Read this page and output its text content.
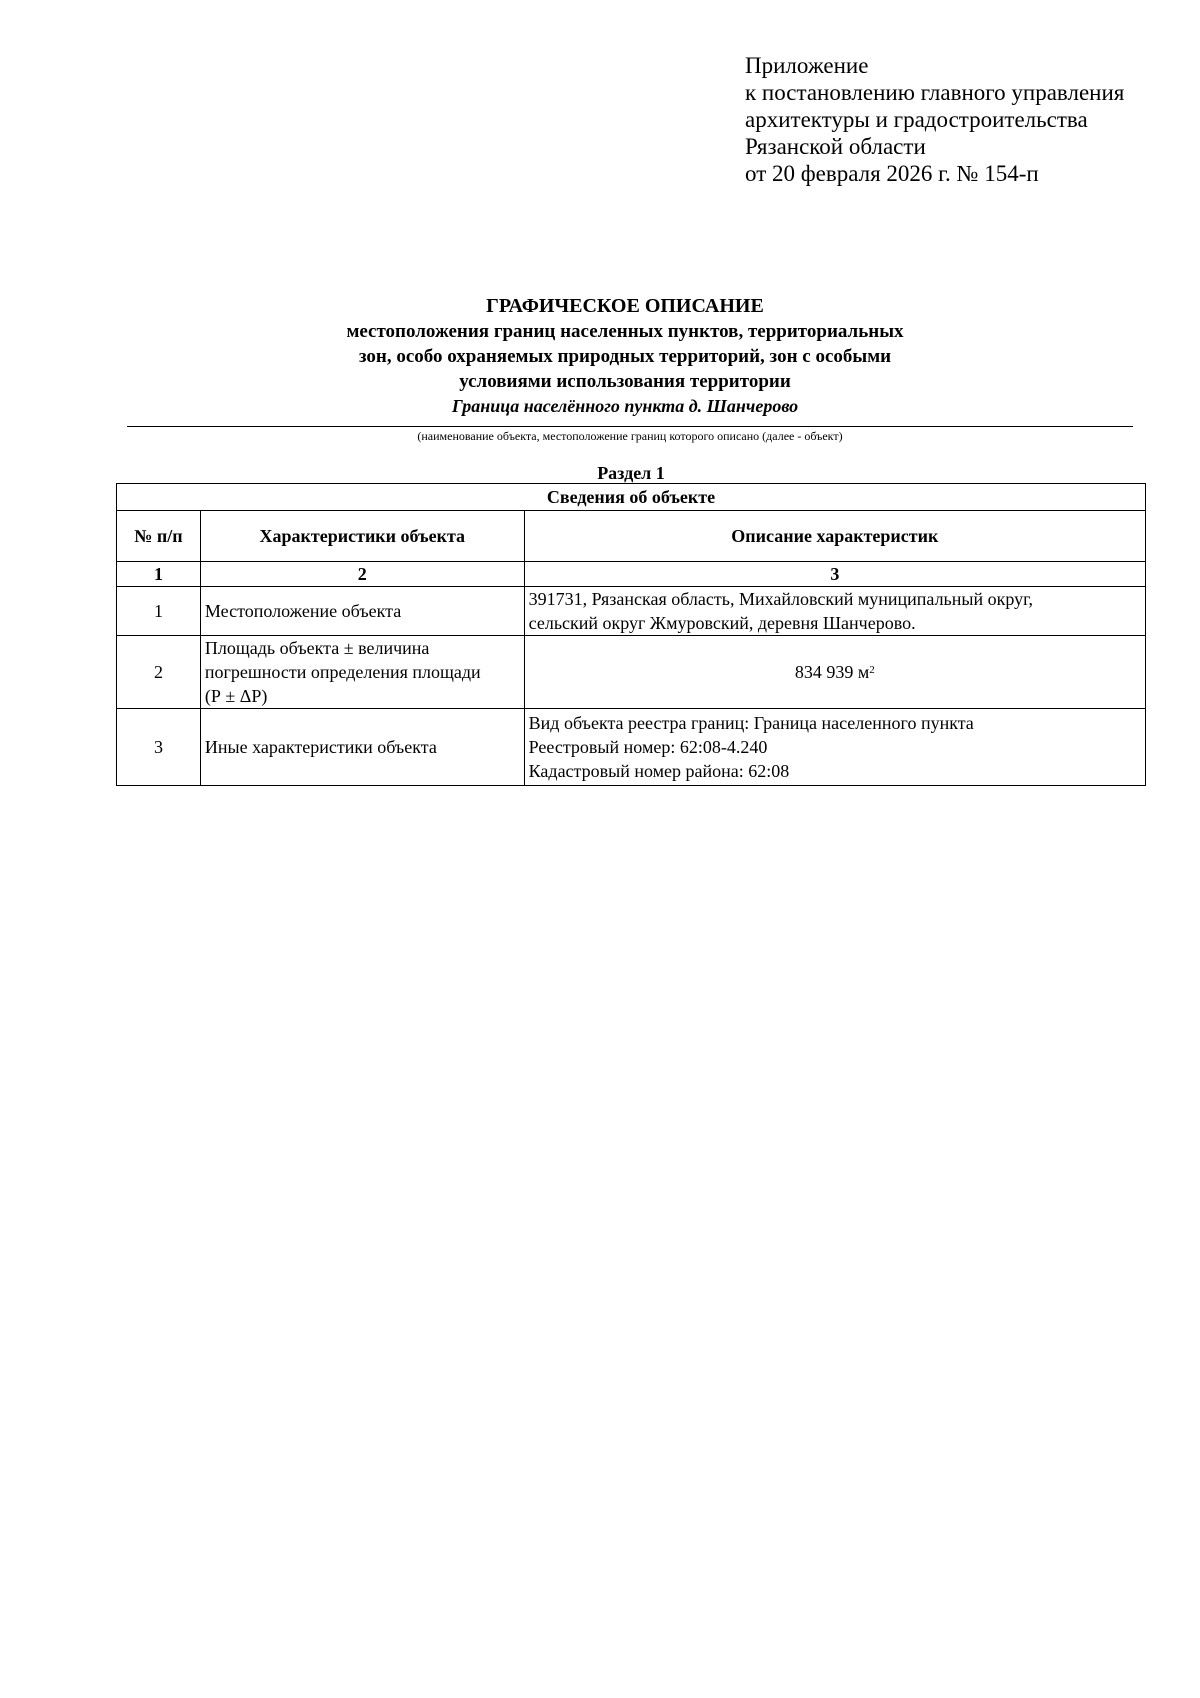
Приложение
к постановлению главного управления
архитектуры и градостроительства
Рязанской области
от 20 февраля 2026 г. № 154-п
ГРАФИЧЕСКОЕ ОПИСАНИЕ
местоположения границ населенных пунктов, территориальных
зон, особо охраняемых природных территорий, зон с особыми
условиями использования территории
Граница населённого пункта д. Шанчерово
(наименование объекта, местоположение границ которого описано (далее - объект)
Раздел 1
Сведения об объекте		
№ п/п	Характеристики объекта	Описание характеристик
1	2	3
1	Местоположение объекта	391731, Рязанская область, Михайловский муниципальный округ,
сельский округ Жмуровский, деревня Шанчерово.

2	Площадь объекта ± величина
погрешности определения площади
(Р ± ΔР)	834 939 $м^2$
3	Иные характеристики объекта	Вид объекта реестра границ: Граница населенного пункта
Реестровый номер: 62:08-4.240
Кадастровый номер района: 62:08
